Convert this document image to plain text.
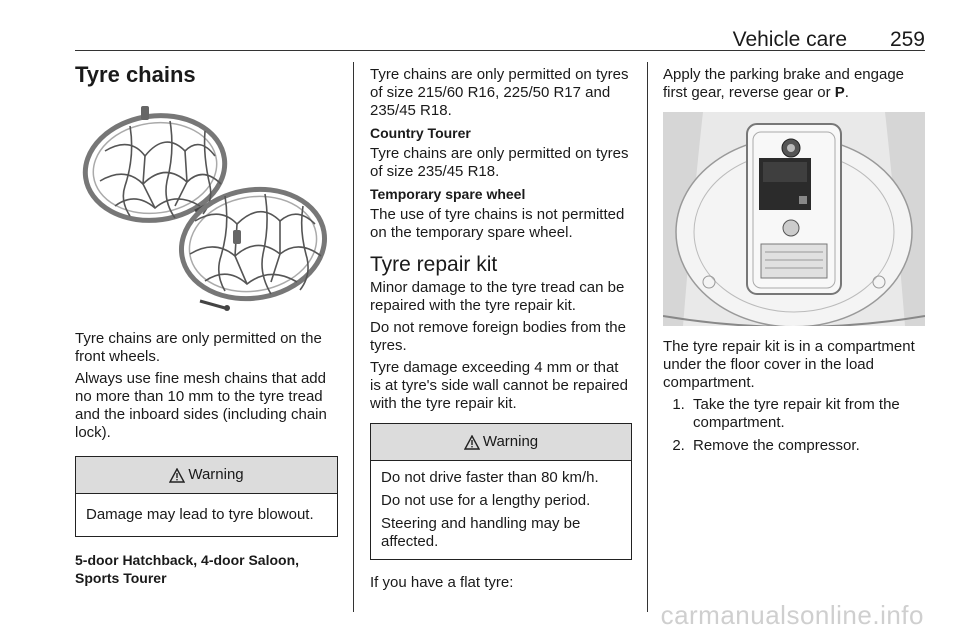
Vehicle care 259
Tyre chains

Tyre chains are only permitted on the front wheels.

Always use fine mesh chains that add no more than 10 mm to the tyre tread and the inboard sides (including chain lock).

Warning

Damage may lead to tyre blowout.

5-door Hatchback, 4-door Saloon, Sports Tourer

Tyre chains are only permitted on tyres of size 215/60 R16, 225/50 R17 and 235/45 R18.

Country Tourer

Tyre chains are only permitted on tyres of size 235/45 R18.

Temporary spare wheel

The use of tyre chains is not permitted on the temporary spare wheel.

Tyre repair kit

Minor damage to the tyre tread can be repaired with the tyre repair kit.

Do not remove foreign bodies from the tyres.

Tyre damage exceeding 4 mm or that is at tyre's side wall cannot be repaired with the tyre repair kit.

Warning

Do not drive faster than 80 km/h.

Do not use for a lengthy period.

Steering and handling may be affected.

If you have a flat tyre:

Apply the parking brake and engage first gear, reverse gear or P.

The tyre repair kit is in a compartment under the floor cover in the load compartment.

1. Take the tyre repair kit from the compartment.
2. Remove the compressor.
carmanualsonline.info
